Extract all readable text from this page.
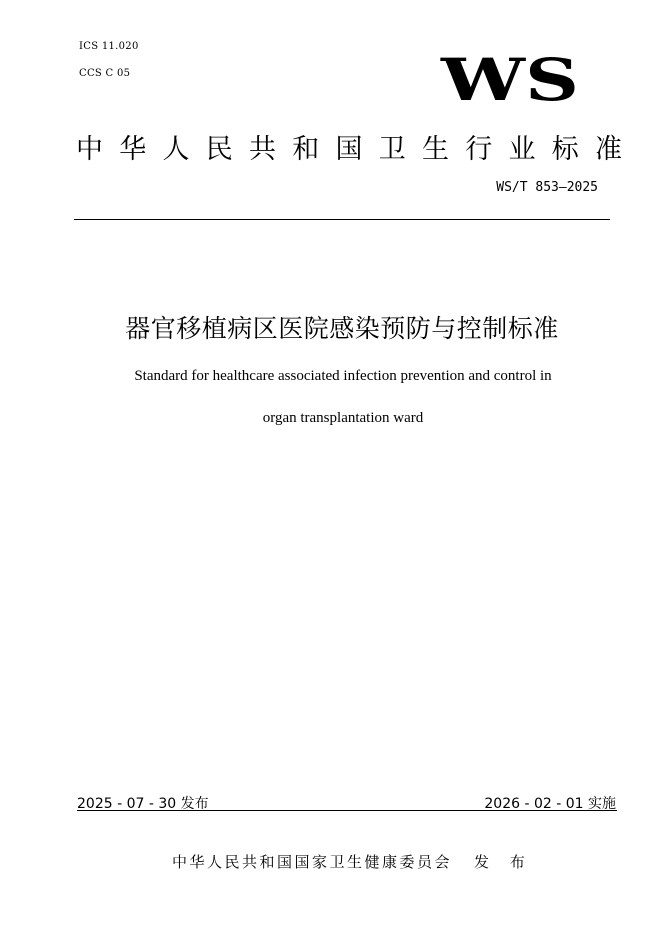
ICS 11.020
CCS C 05	WS
中 华 人 民 共 和 国 卫 生 行 业 标 准
WS/T 853—2025
器官移植病区医院感染预防与控制标准
Standard for healthcare associated infection prevention and control in
organ transplantation ward
2025 - 07 - 30 发布	2026 - 02 - 01 实施
中华人民共和国国家卫生健康委员会 发 布
